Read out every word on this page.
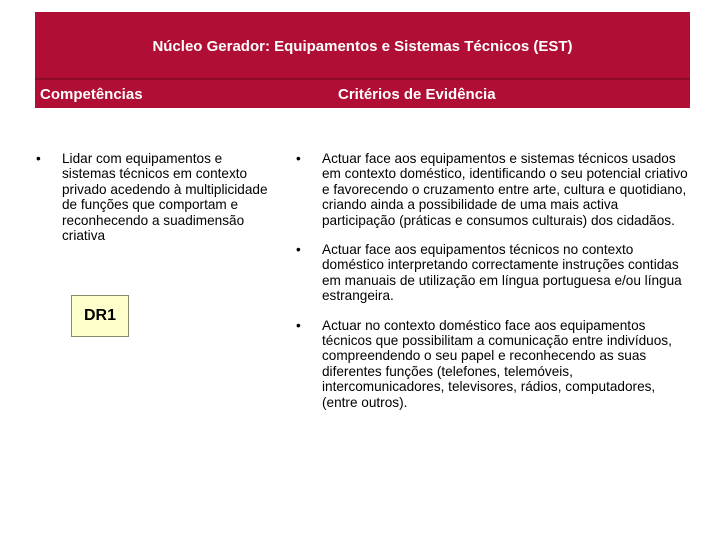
Núcleo Gerador: Equipamentos e Sistemas Técnicos (EST)
Competências	Critérios de Evidência
• Lidar com equipamentos e sistemas técnicos em contexto privado acedendo à multiplicidade de funções que comportam e reconhecendo a suadimensão criativa
DR1
• Actuar face aos equipamentos e sistemas técnicos usados em contexto doméstico, identificando o seu potencial criativo e favorecendo o cruzamento entre arte, cultura e quotidiano, criando ainda a possibilidade de uma mais activa participação (práticas e consumos culturais) dos cidadãos.
• Actuar face aos equipamentos técnicos no contexto doméstico interpretando correctamente instruções contidas em manuais de utilização em língua portuguesa e/ou língua estrangeira.
• Actuar no contexto doméstico face aos equipamentos técnicos que possibilitam a comunicação entre indivíduos, compreendendo o seu papel e reconhecendo as suas diferentes funções (telefones, telemóveis, intercomunicadores, televisores, rádios, computadores, (entre outros).
